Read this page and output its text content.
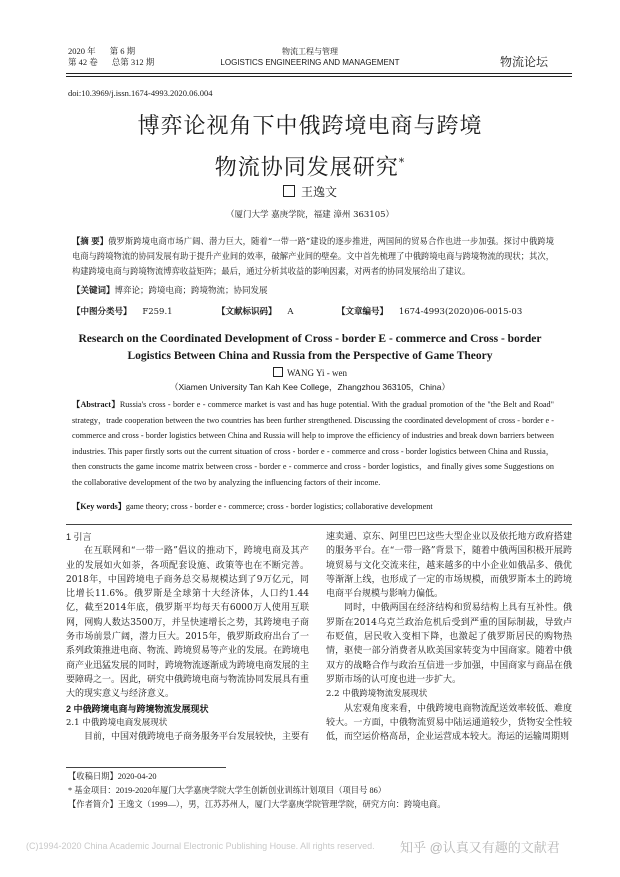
2020 年 第 6 期
第 42 卷 总第 312 期
物流工程与管理
LOGISTICS ENGINEERING AND MANAGEMENT	物流论坛
doi:10.3969/j.issn.1674-4993.2020.06.004
博弈论视角下中俄跨境电商与跨境
物流协同发展研究*
王逸文
（厦门大学 嘉庚学院，福建 漳州 363105）
【摘 要】俄罗斯跨境电商市场广阔、潜力巨大，随着“一带一路”建设的逐步推进，两国间的贸易合作也进一步加强。探讨中俄跨境电商与跨境物流的协同发展有助于提升产业间的效率，破解产业间的壁垒。文中首先梳理了中俄跨境电商与跨境物流的现状；其次，构建跨境电商与跨境物流博弈收益矩阵；最后，通过分析其收益的影响因素，对两者的协同发展给出了建议。
【关键词】博弈论；跨境电商；跨境物流；协同发展
【中图分类号】 F259.1	【文献标识码】 A	【文章编号】 1674-4993(2020)06-0015-03
Research on the Coordinated Development of Cross - border E - commerce and Cross - border
Logistics Between China and Russia from the Perspective of Game Theory
WANG Yi - wen
（Xiamen University Tan Kah Kee College，Zhangzhou 363105，China）
【Abstract】Russia's cross - border e - commerce market is vast and has huge potential. With the gradual promotion of the "the Belt and Road" strategy，trade cooperation between the two countries has been further strengthened. Discussing the coordinated development of cross - border e - commerce and cross - border logistics between China and Russia will help to improve the efficiency of industries and break down barriers between industries. This paper firstly sorts out the current situation of cross - border e - commerce and cross - border logistics between China and Russia，then constructs the game income matrix between cross - border e - commerce and cross - border logistics，and finally gives some Suggestions on the collaborative development of the two by analyzing the influencing factors of their income.
【Key words】game theory; cross - border e - commerce; cross - border logistics; collaborative development

1 引言

在互联网和“一带一路”倡议的推动下，跨境电商及其产业的发展如火如荼，各项配套设施、政策等也在不断完善。2018年，中国跨境电子商务总交易规模达到了9万亿元，同比增长11.6%。俄罗斯是全球第十大经济体，人口约1.44亿，截至2014年底，俄罗斯平均每天有6000万人使用互联网，网购人数达3500万，并呈快速增长之势，其跨境电子商务市场前景广阔，潜力巨大。2015年，俄罗斯政府出台了一系列政策推进电商、物流、跨境贸易等产业的发展。在跨境电商产业迅猛发展的同时，跨境物流逐渐成为跨境电商发展的主要障碍之一。因此，研究中俄跨境电商与物流协同发展具有重大的现实意义与经济意义。

2 中俄跨境电商与跨境物流发展现状

2.1 中俄跨境电商发展现状

目前，中国对俄跨境电子商务服务平台发展较快，主要有

速卖通、京东、阿里巴巴这些大型企业以及依托地方政府搭建的服务平台。在“一带一路”背景下，随着中俄两国积极开展跨境贸易与文化交流来往，越来越多的中小企业如俄品多、俄优等渐渐上线，也形成了一定的市场规模，而俄罗斯本土的跨境电商平台规模与影响力偏低。

同时，中俄两国在经济结构和贸易结构上具有互补性。俄罗斯在2014乌克兰政治危机后受到严重的国际制裁，导致卢布贬值，居民收入变相下降，也激起了俄罗斯居民的购物热情，驱使一部分消费者从欧美国家转变为中国商家。随着中俄双方的战略合作与政治互信进一步加强，中国商家与商品在俄罗斯市场的认可度也进一步扩大。

2.2 中俄跨境物流发展现状

从宏观角度来看，中俄跨境电商物流配送效率较低、难度较大。一方面，中俄物流贸易中陆运通道较少，货物安全性较低，而空运价格高昂，企业运营成本较大。海运的运输周期则

【收稿日期】2020-04-20

* 基金项目：2019-2020年厦门大学嘉庚学院大学生创新创业训练计划项目（项目号 86）

【作者简介】王逸文（1999—），男，江苏苏州人，厦门大学嘉庚学院管理学院，研究方向：跨境电商。

(C)1994-2020 China Academic Journal Electronic Publishing House. All rights reserved. 知乎 @认真又有趣的文献君
